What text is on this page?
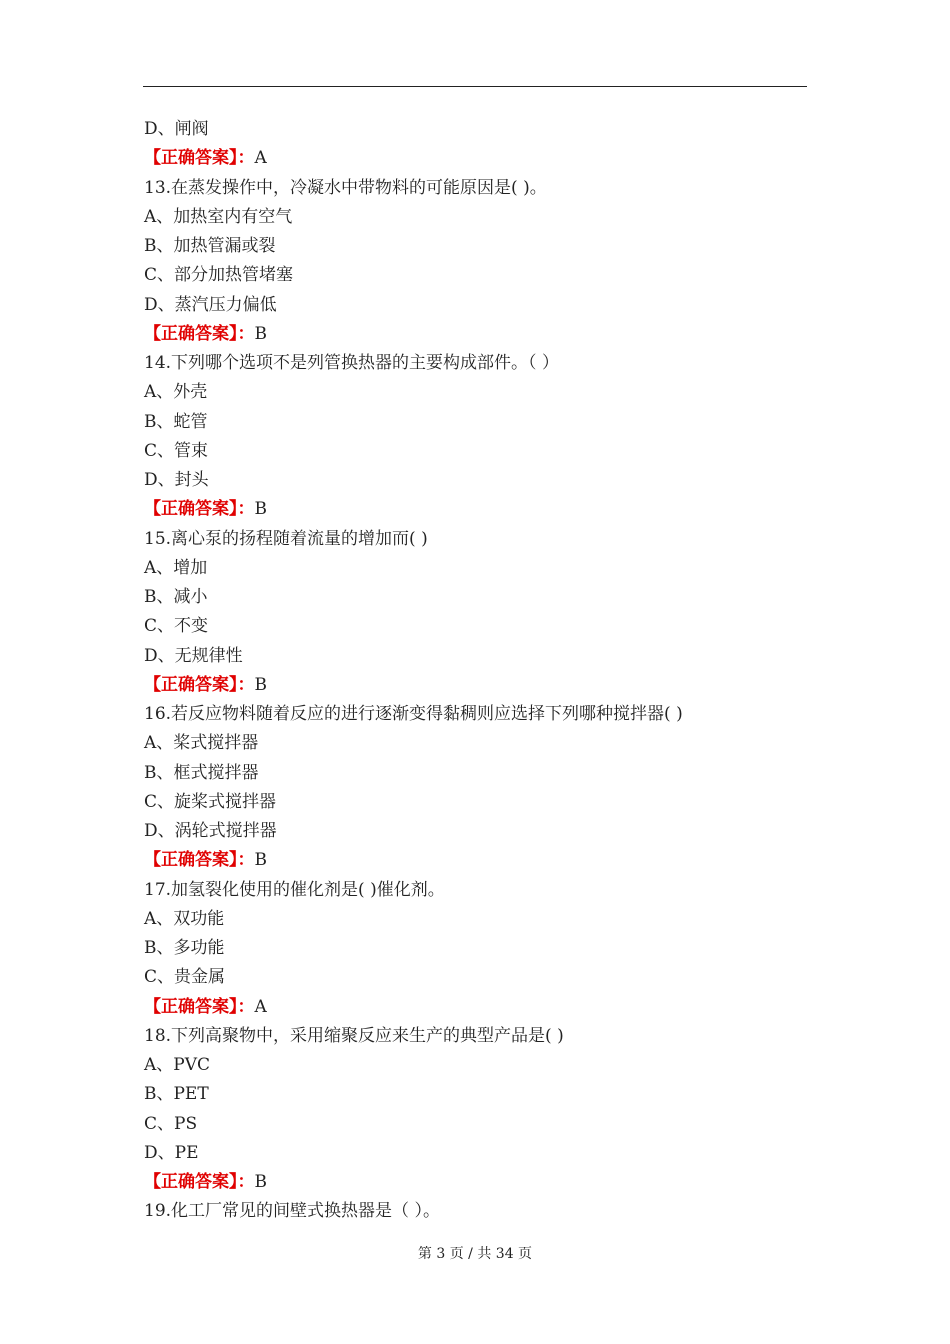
D、闸阀
【正确答案】：A
13.在蒸发操作中，冷凝水中带物料的可能原因是( )。
A、加热室内有空气
B、加热管漏或裂
C、部分加热管堵塞
D、蒸汽压力偏低
【正确答案】：B
14.下列哪个选项不是列管换热器的主要构成部件。（ ）
A、外壳
B、蛇管
C、管束
D、封头
【正确答案】：B
15.离心泵的扬程随着流量的增加而( )
A、增加
B、减小
C、不变
D、无规律性
【正确答案】：B
16.若反应物料随着反应的进行逐渐变得黏稠则应选择下列哪种搅拌器( )
A、桨式搅拌器
B、框式搅拌器
C、旋桨式搅拌器
D、涡轮式搅拌器
【正确答案】：B
17.加氢裂化使用的催化剂是( )催化剂。
A、双功能
B、多功能
C、贵金属
【正确答案】：A
18.下列高聚物中，采用缩聚反应来生产的典型产品是( )
A、PVC
B、PET
C、PS
D、PE
【正确答案】：B
19.化工厂常见的间壁式换热器是（ ）。
第 3 页 / 共 34 页
